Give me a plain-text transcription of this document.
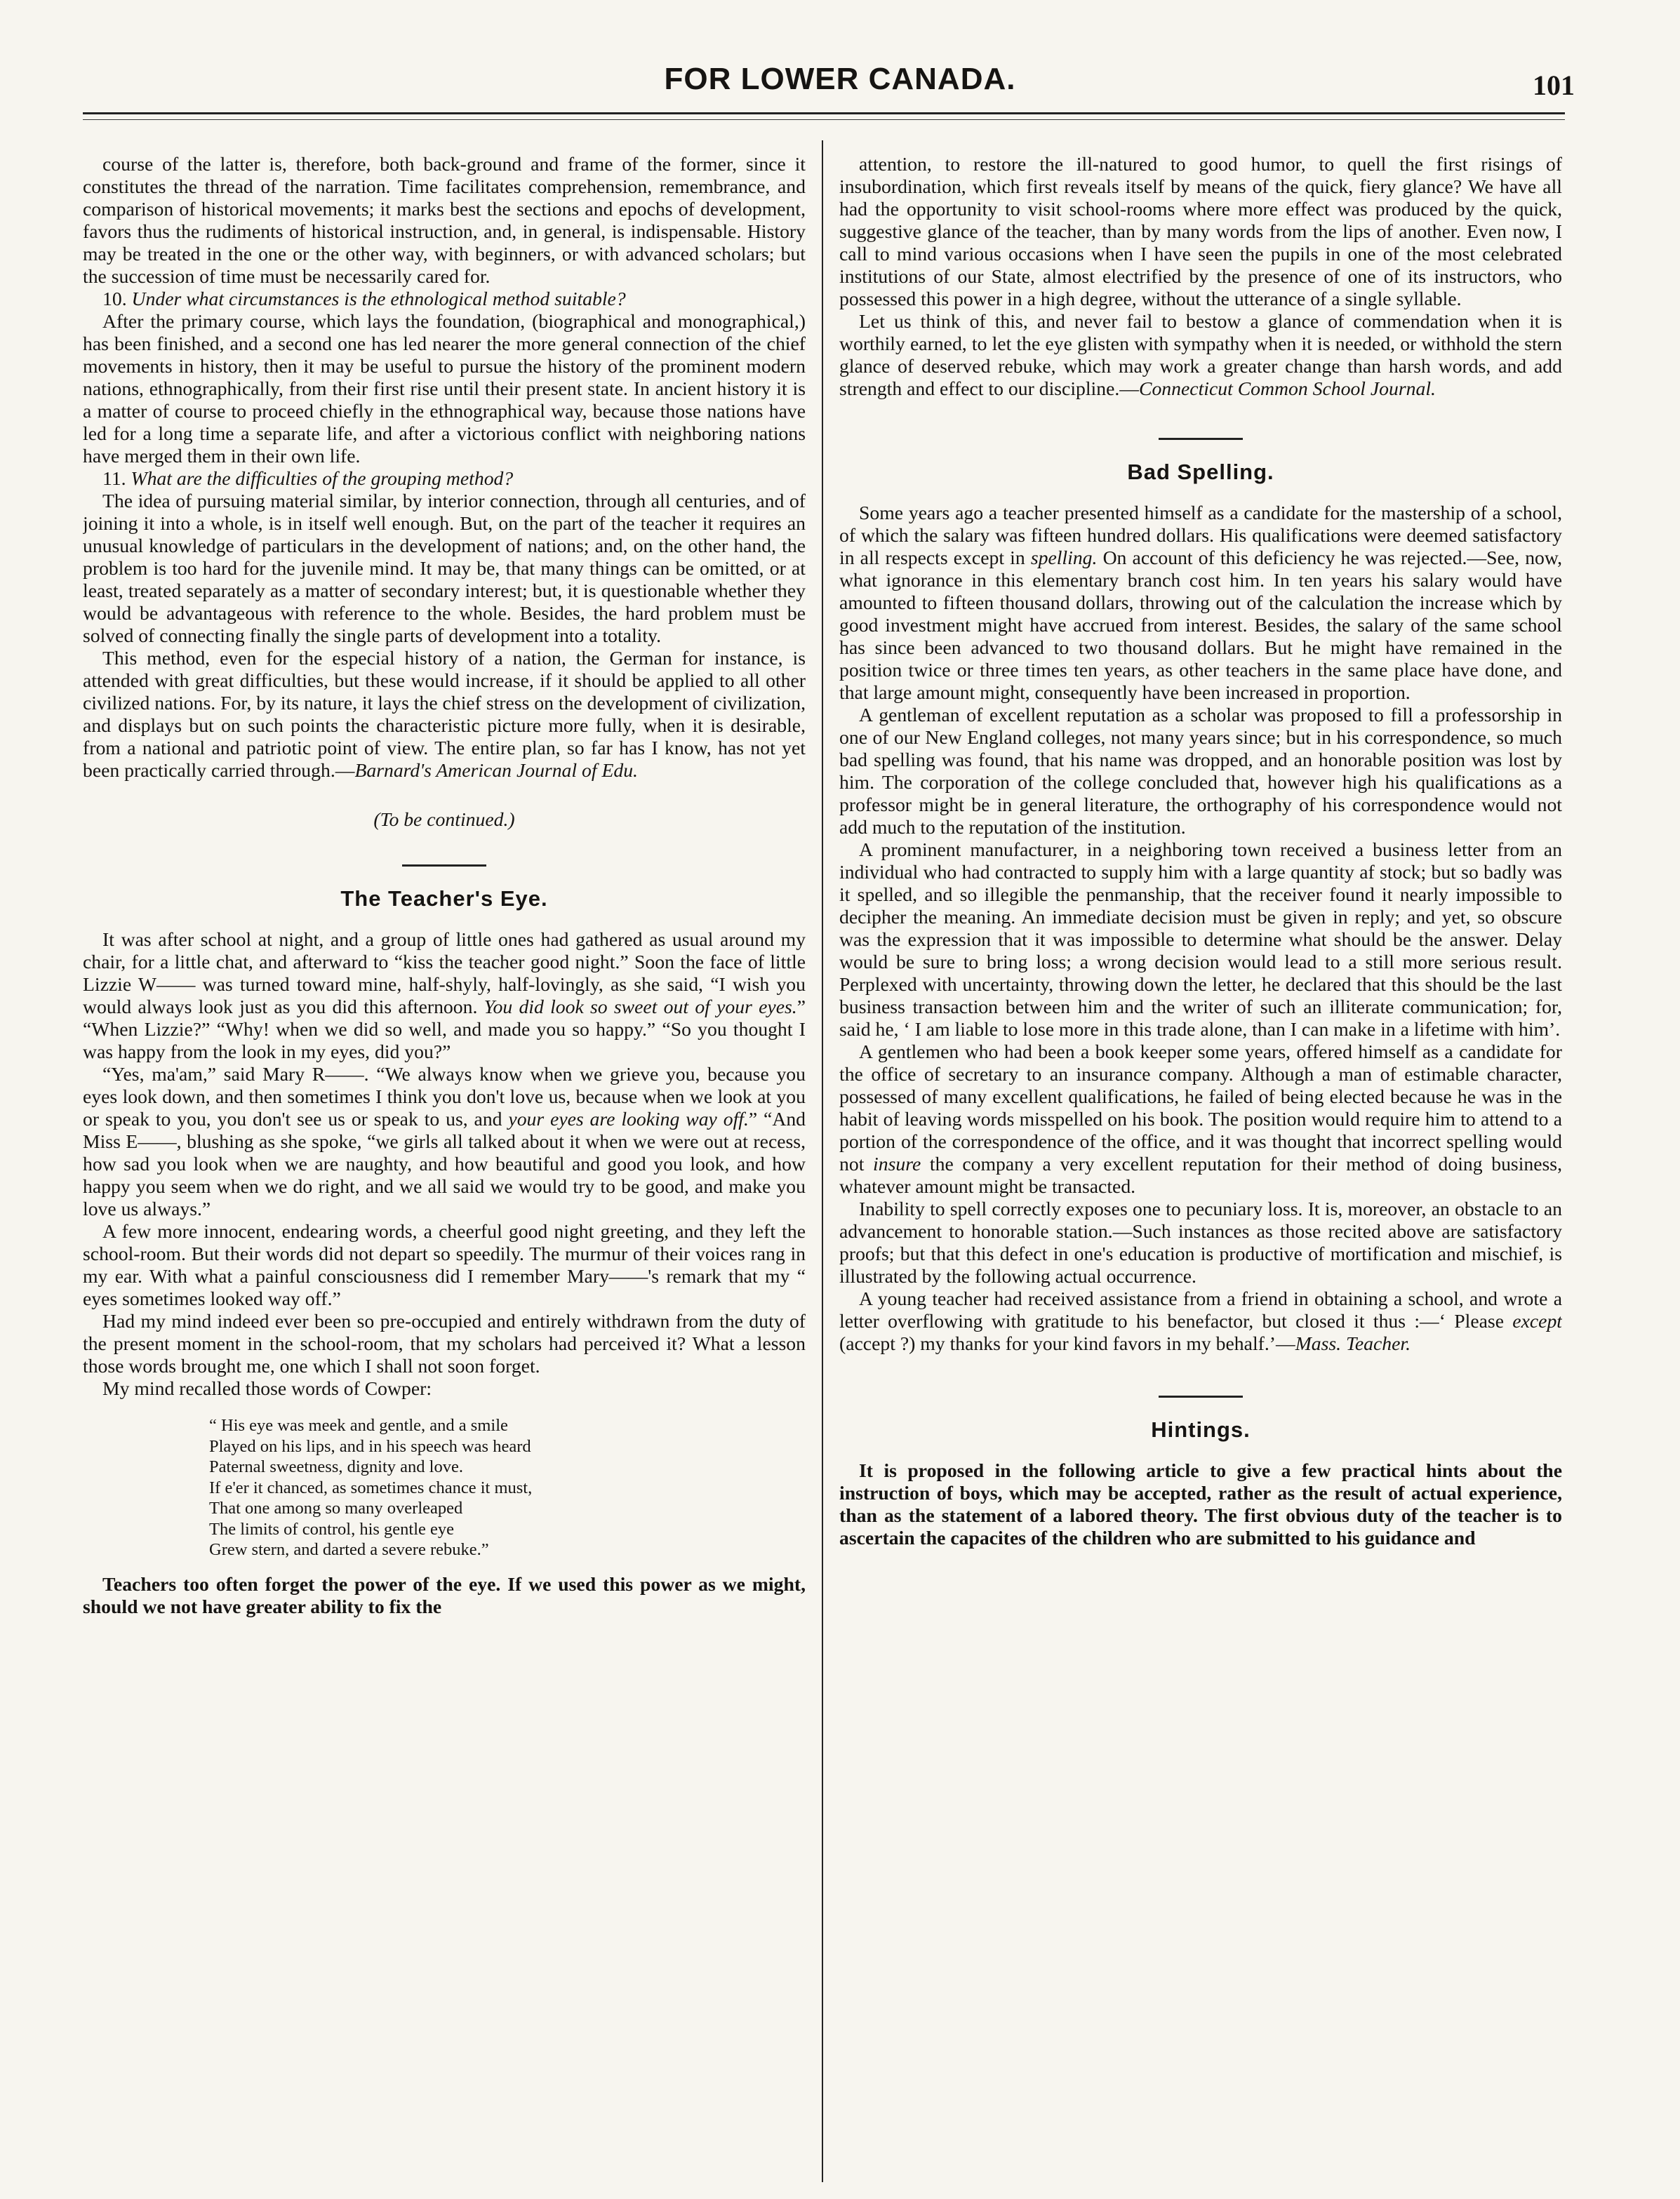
FOR LOWER CANADA.	101

course of the latter is, therefore, both back-ground and frame of the former, since it constitutes the thread of the narration. Time facilitates comprehension, remembrance, and comparison of historical movements; it marks best the sections and epochs of development, favors thus the rudiments of historical instruction, and, in general, is indispensable. History may be treated in the one or the other way, with beginners, or with advanced scholars; but the succession of time must be necessarily cared for.

10. Under what circumstances is the ethnological method suitable?

After the primary course, which lays the foundation, (biographical and monographical,) has been finished, and a second one has led nearer the more general connection of the chief movements in history, then it may be useful to pursue the history of the prominent modern nations, ethnographically, from their first rise until their present state. In ancient history it is a matter of course to proceed chiefly in the ethnographical way, because those nations have led for a long time a separate life, and after a victorious conflict with neighboring nations have merged them in their own life.

11. What are the difficulties of the grouping method?

The idea of pursuing material similar, by interior connection, through all centuries, and of joining it into a whole, is in itself well enough. But, on the part of the teacher it requires an unusual knowledge of particulars in the development of nations; and, on the other hand, the problem is too hard for the juvenile mind. It may be, that many things can be omitted, or at least, treated separately as a matter of secondary interest; but, it is questionable whether they would be advantageous with reference to the whole. Besides, the hard problem must be solved of connecting finally the single parts of development into a totality.

This method, even for the especial history of a nation, the German for instance, is attended with great difficulties, but these would increase, if it should be applied to all other civilized nations. For, by its nature, it lays the chief stress on the development of civilization, and displays but on such points the characteristic picture more fully, when it is desirable, from a national and patriotic point of view. The entire plan, so far has I know, has not yet been practically carried through.—Barnard's American Journal of Edu.

(To be continued.)

The Teacher's Eye.

It was after school at night, and a group of little ones had gathered as usual around my chair, for a little chat, and afterward to “kiss the teacher good night.” Soon the face of little Lizzie W—— was turned toward mine, half-shyly, half-lovingly, as she said, “I wish you would always look just as you did this afternoon. You did look so sweet out of your eyes.” “When Lizzie?” “Why! when we did so well, and made you so happy.” “So you thought I was happy from the look in my eyes, did you?”

“Yes, ma'am,” said Mary R——. “We always know when we grieve you, because you eyes look down, and then sometimes I think you don't love us, because when we look at you or speak to you, you don't see us or speak to us, and your eyes are looking way off.” “And Miss E——, blushing as she spoke, “we girls all talked about it when we were out at recess, how sad you look when we are naughty, and how beautiful and good you look, and how happy you seem when we do right, and we all said we would try to be good, and make you love us always.”

A few more innocent, endearing words, a cheerful good night greeting, and they left the school-room. But their words did not depart so speedily. The murmur of their voices rang in my ear. With what a painful consciousness did I remember Mary——'s remark that my “ eyes sometimes looked way off.”

Had my mind indeed ever been so pre-occupied and entirely withdrawn from the duty of the present moment in the school-room, that my scholars had perceived it? What a lesson those words brought me, one which I shall not soon forget.

My mind recalled those words of Cowper:

“ His eye was meek and gentle, and a smile
Played on his lips, and in his speech was heard
Paternal sweetness, dignity and love.
If e'er it chanced, as sometimes chance it must,
That one among so many overleaped
The limits of control, his gentle eye
Grew stern, and darted a severe rebuke.”

Teachers too often forget the power of the eye. If we used this power as we might, should we not have greater ability to fix the

attention, to restore the ill-natured to good humor, to quell the first risings of insubordination, which first reveals itself by means of the quick, fiery glance? We have all had the opportunity to visit school-rooms where more effect was produced by the quick, suggestive glance of the teacher, than by many words from the lips of another. Even now, I call to mind various occasions when I have seen the pupils in one of the most celebrated institutions of our State, almost electrified by the presence of one of its instructors, who possessed this power in a high degree, without the utterance of a single syllable.

Let us think of this, and never fail to bestow a glance of commendation when it is worthily earned, to let the eye glisten with sympathy when it is needed, or withhold the stern glance of deserved rebuke, which may work a greater change than harsh words, and add strength and effect to our discipline.—Connecticut Common School Journal.

Bad Spelling.

Some years ago a teacher presented himself as a candidate for the mastership of a school, of which the salary was fifteen hundred dollars. His qualifications were deemed satisfactory in all respects except in spelling. On account of this deficiency he was rejected.—See, now, what ignorance in this elementary branch cost him. In ten years his salary would have amounted to fifteen thousand dollars, throwing out of the calculation the increase which by good investment might have accrued from interest. Besides, the salary of the same school has since been advanced to two thousand dollars. But he might have remained in the position twice or three times ten years, as other teachers in the same place have done, and that large amount might, consequently have been increased in proportion.

A gentleman of excellent reputation as a scholar was proposed to fill a professorship in one of our New England colleges, not many years since; but in his correspondence, so much bad spelling was found, that his name was dropped, and an honorable position was lost by him. The corporation of the college concluded that, however high his qualifications as a professor might be in general literature, the orthography of his correspondence would not add much to the reputation of the institution.

A prominent manufacturer, in a neighboring town received a business letter from an individual who had contracted to supply him with a large quantity af stock; but so badly was it spelled, and so illegible the penmanship, that the receiver found it nearly impossible to decipher the meaning. An immediate decision must be given in reply; and yet, so obscure was the expression that it was impossible to determine what should be the answer. Delay would be sure to bring loss; a wrong decision would lead to a still more serious result. Perplexed with uncertainty, throwing down the letter, he declared that this should be the last business transaction between him and the writer of such an illiterate communication; for, said he, ‘ I am liable to lose more in this trade alone, than I can make in a lifetime with him’.

A gentlemen who had been a book keeper some years, offered himself as a candidate for the office of secretary to an insurance company. Although a man of estimable character, possessed of many excellent qualifications, he failed of being elected because he was in the habit of leaving words misspelled on his book. The position would require him to attend to a portion of the correspondence of the office, and it was thought that incorrect spelling would not insure the company a very excellent reputation for their method of doing business, whatever amount might be transacted.

Inability to spell correctly exposes one to pecuniary loss. It is, moreover, an obstacle to an advancement to honorable station.—Such instances as those recited above are satisfactory proofs; but that this defect in one's education is productive of mortification and mischief, is illustrated by the following actual occurrence.

A young teacher had received assistance from a friend in obtaining a school, and wrote a letter overflowing with gratitude to his benefactor, but closed it thus :—‘ Please except (accept ?) my thanks for your kind favors in my behalf.’—Mass. Teacher.

Hintings.

It is proposed in the following article to give a few practical hints about the instruction of boys, which may be accepted, rather as the result of actual experience, than as the statement of a labored theory. The first obvious duty of the teacher is to ascertain the capacites of the children who are submitted to his guidance and
